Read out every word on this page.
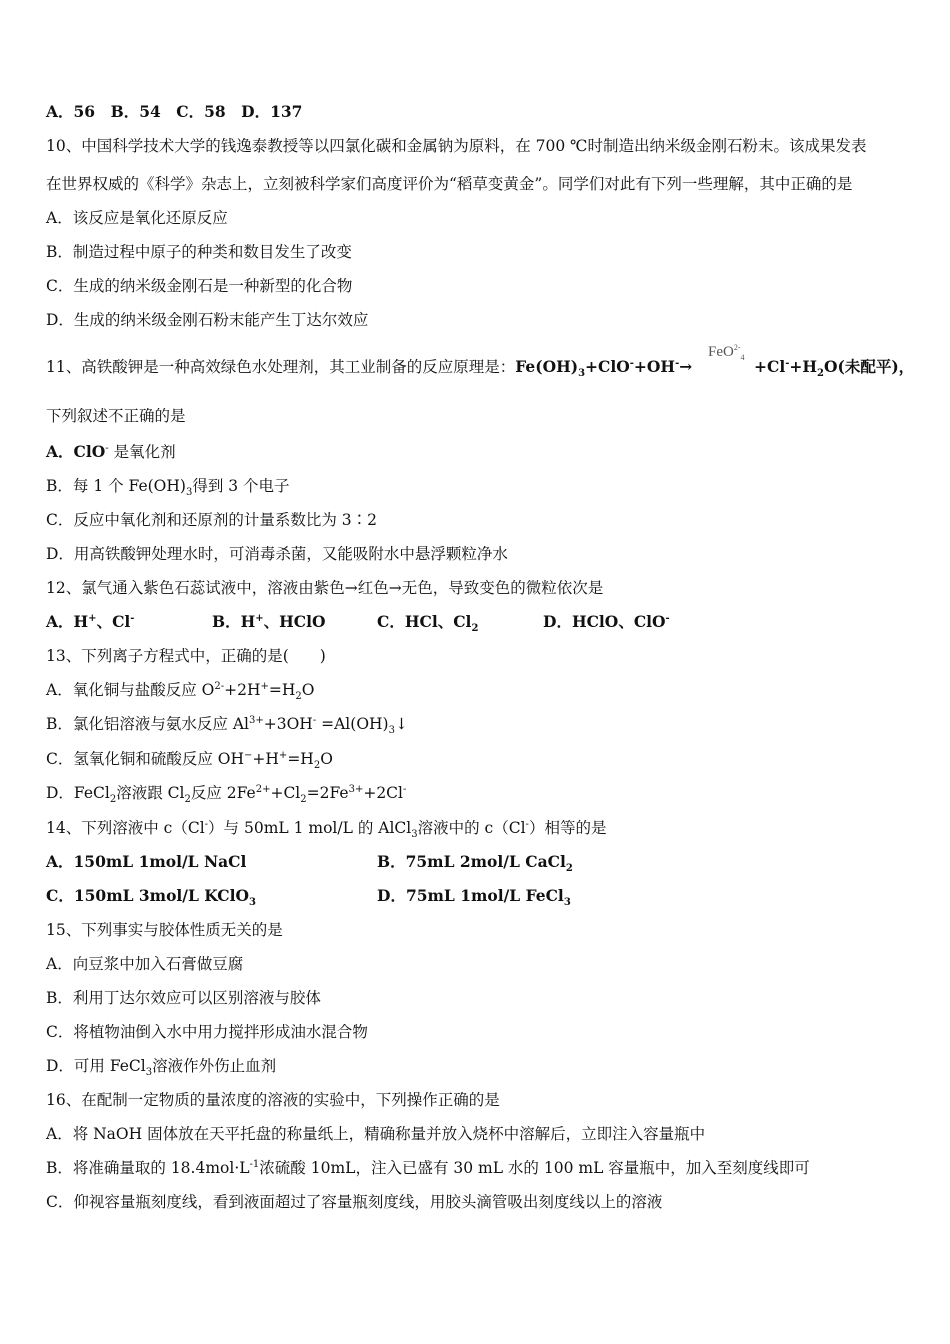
A．56　B．54　C．58　D．137
10、中国科学技术大学的钱逸泰教授等以四氯化碳和金属钠为原料，在 700 ℃时制造出纳米级金刚石粉末。该成果发表
在世界权威的《科学》杂志上，立刻被科学家们高度评价为“稻草变黄金”。同学们对此有下列一些理解，其中正确的是
A．该反应是氧化还原反应
B．制造过程中原子的种类和数目发生了改变
C．生成的纳米级金刚石是一种新型的化合物
D．生成的纳米级金刚石粉末能产生丁达尔效应
11、高铁酸钾是一种高效绿色水处理剂，其工业制备的反应原理是：$Fe(OH)_3+ClO^-+OH^-\to$
$FeO^{2-}_4 +Cl^-+H_2O$(未配平)，
下列叙述不正确的是
A．ClO- 是氧化剂
B．每 1 个 $Fe(OH)_3$得到 3 个电子
C．反应中氧化剂和还原剂的计量系数比为 3∶2
D．用高铁酸钾处理水时，可消毒杀菌，又能吸附水中悬浮颗粒净水
12、氯气通入紫色石蕊试液中，溶液由紫色→红色→无色，导致变色的微粒依次是
A．H+、Cl-	B．H+、HClO	C．HCl、$Cl_2$	D．HClO、ClO-
13、下列离子方程式中，正确的是(　　)
A．氧化铜与盐酸反应 $O^{2-}+2H^+=H_2O$
B．氯化铝溶液与氨水反应 $Al^{3+}+3OH^-$ $=Al(OH)_3↓$
C．氢氧化铜和硫酸反应 $OH^-+H^+=H_2O$
D．FeCl$_2$溶液跟 $Cl_2$反应 $2Fe^{2+}+Cl_2=2Fe^{3+}+2Cl^-$
14、下列溶液中 c（Cl-）与 50mL 1 mol/L 的 AlCl$_3$溶液中的 c（Cl-）相等的是
A．150mL 1mol/L NaCl	B．75mL 2mol/L CaCl$_2$
C．150mL 3mol/L KClO$_3$	D．75mL 1mol/L FeCl$_3$
15、下列事实与胶体性质无关的是
A．向豆浆中加入石膏做豆腐
B．利用丁达尔效应可以区别溶液与胶体
C．将植物油倒入水中用力搅拌形成油水混合物
D．可用 FeCl$_3$溶液作外伤止血剂
16、在配制一定物质的量浓度的溶液的实验中，下列操作正确的是
A．将 NaOH 固体放在天平托盘的称量纸上，精确称量并放入烧杯中溶解后，立即注入容量瓶中
B．将准确量取的 $18.4mol\cdot L^{-1}$浓硫酸 10mL，注入已盛有 30 mL 水的 100 mL 容量瓶中，加入至刻度线即可
C．仰视容量瓶刻度线，看到液面超过了容量瓶刻度线，用胶头滴管吸出刻度线以上的溶液
